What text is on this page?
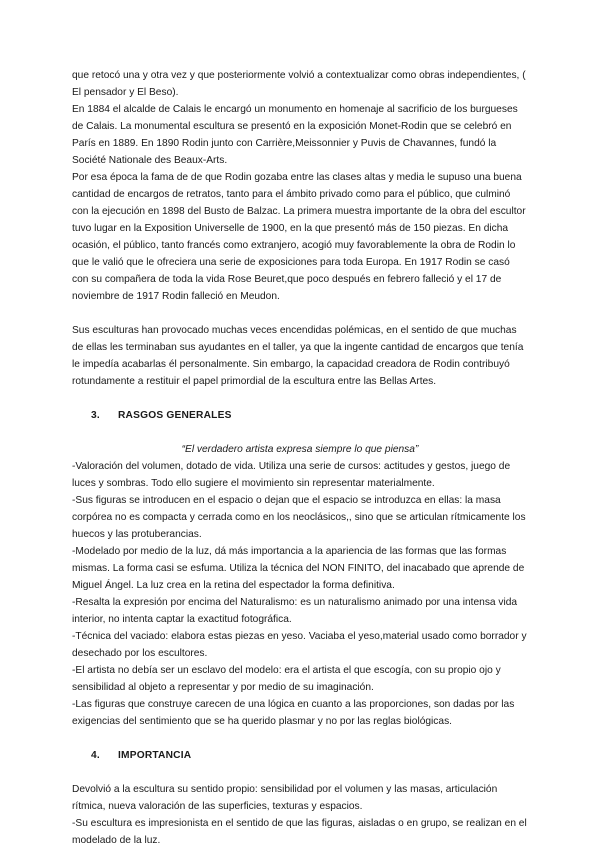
que retocó una y otra vez y que posteriormente volvió a contextualizar como obras independientes, ( El pensador y El Beso).

En 1884 el alcalde de Calais le encargó un monumento en homenaje al sacrificio de los burgueses de Calais. La monumental escultura se presentó en la exposición Monet-Rodin que se celebró en París en 1889. En 1890 Rodin junto con Carrière,Meissonnier y Puvis de Chavannes, fundó la Société Nationale des Beaux-Arts.

Por esa época la fama de de que Rodin gozaba entre las clases altas y media le supuso una buena cantidad de encargos de retratos, tanto para el ámbito privado como para el público, que culminó con la ejecución en 1898 del Busto de Balzac. La primera muestra importante de la obra del escultor tuvo lugar en la Exposition Universelle de 1900, en la que presentó más de 150 piezas. En dicha ocasión, el público, tanto francés como extranjero, acogió muy favorablemente la obra de Rodin lo que le valió que le ofreciera una serie de exposiciones para toda Europa. En 1917 Rodin se casó con su compañera de toda la vida Rose Beuret,que poco después en febrero falleció y el 17 de noviembre de 1917 Rodin falleció en Meudon.

Sus esculturas han provocado muchas veces encendidas polémicas, en el sentido de que muchas de ellas les terminaban sus ayudantes en el taller, ya que la ingente cantidad de encargos que tenía le impedía acabarlas él personalmente. Sin embargo, la capacidad creadora de Rodin contribuyó rotundamente a restituir el papel primordial de la escultura entre las Bellas Artes.

3. RASGOS GENERALES

“El verdadero artista expresa siempre lo que piensa”

-Valoración del volumen, dotado de vida. Utiliza una serie de cursos: actitudes y gestos, juego de luces y sombras. Todo ello sugiere el movimiento sin representar materialmente.

-Sus figuras se introducen en el espacio o dejan que el espacio se introduzca en ellas: la masa corpórea no es compacta y cerrada como en los neoclásicos,, sino que se articulan rítmicamente los huecos y las protuberancias.

-Modelado por medio de la luz, dá más importancia a la apariencia de las formas que las formas mismas. La forma casi se esfuma. Utiliza la técnica del NON FINITO, del inacabado que aprende de Miguel Ángel. La luz crea en la retina del espectador la forma definitiva.

-Resalta la expresión por encima del Naturalismo: es un naturalismo animado por una intensa vida interior, no intenta captar la exactitud fotográfica.

-Técnica del vaciado: elabora estas piezas en yeso. Vaciaba el yeso,material usado como borrador y desechado por los escultores.

-El artista no debía ser un esclavo del modelo: era el artista el que escogía, con su propio ojo y sensibilidad al objeto a representar y por medio de su imaginación.

-Las figuras que construye carecen de una lógica en cuanto a las proporciones, son dadas por las exigencias del sentimiento que se ha querido plasmar y no por las reglas biológicas.

4. IMPORTANCIA

Devolvió a la escultura su sentido propio: sensibilidad por el volumen y las masas, articulación rítmica, nueva valoración de las superficies, texturas y espacios.

-Su escultura es impresionista en el sentido de que las figuras, aisladas o en grupo, se realizan en el modelado de la luz.
